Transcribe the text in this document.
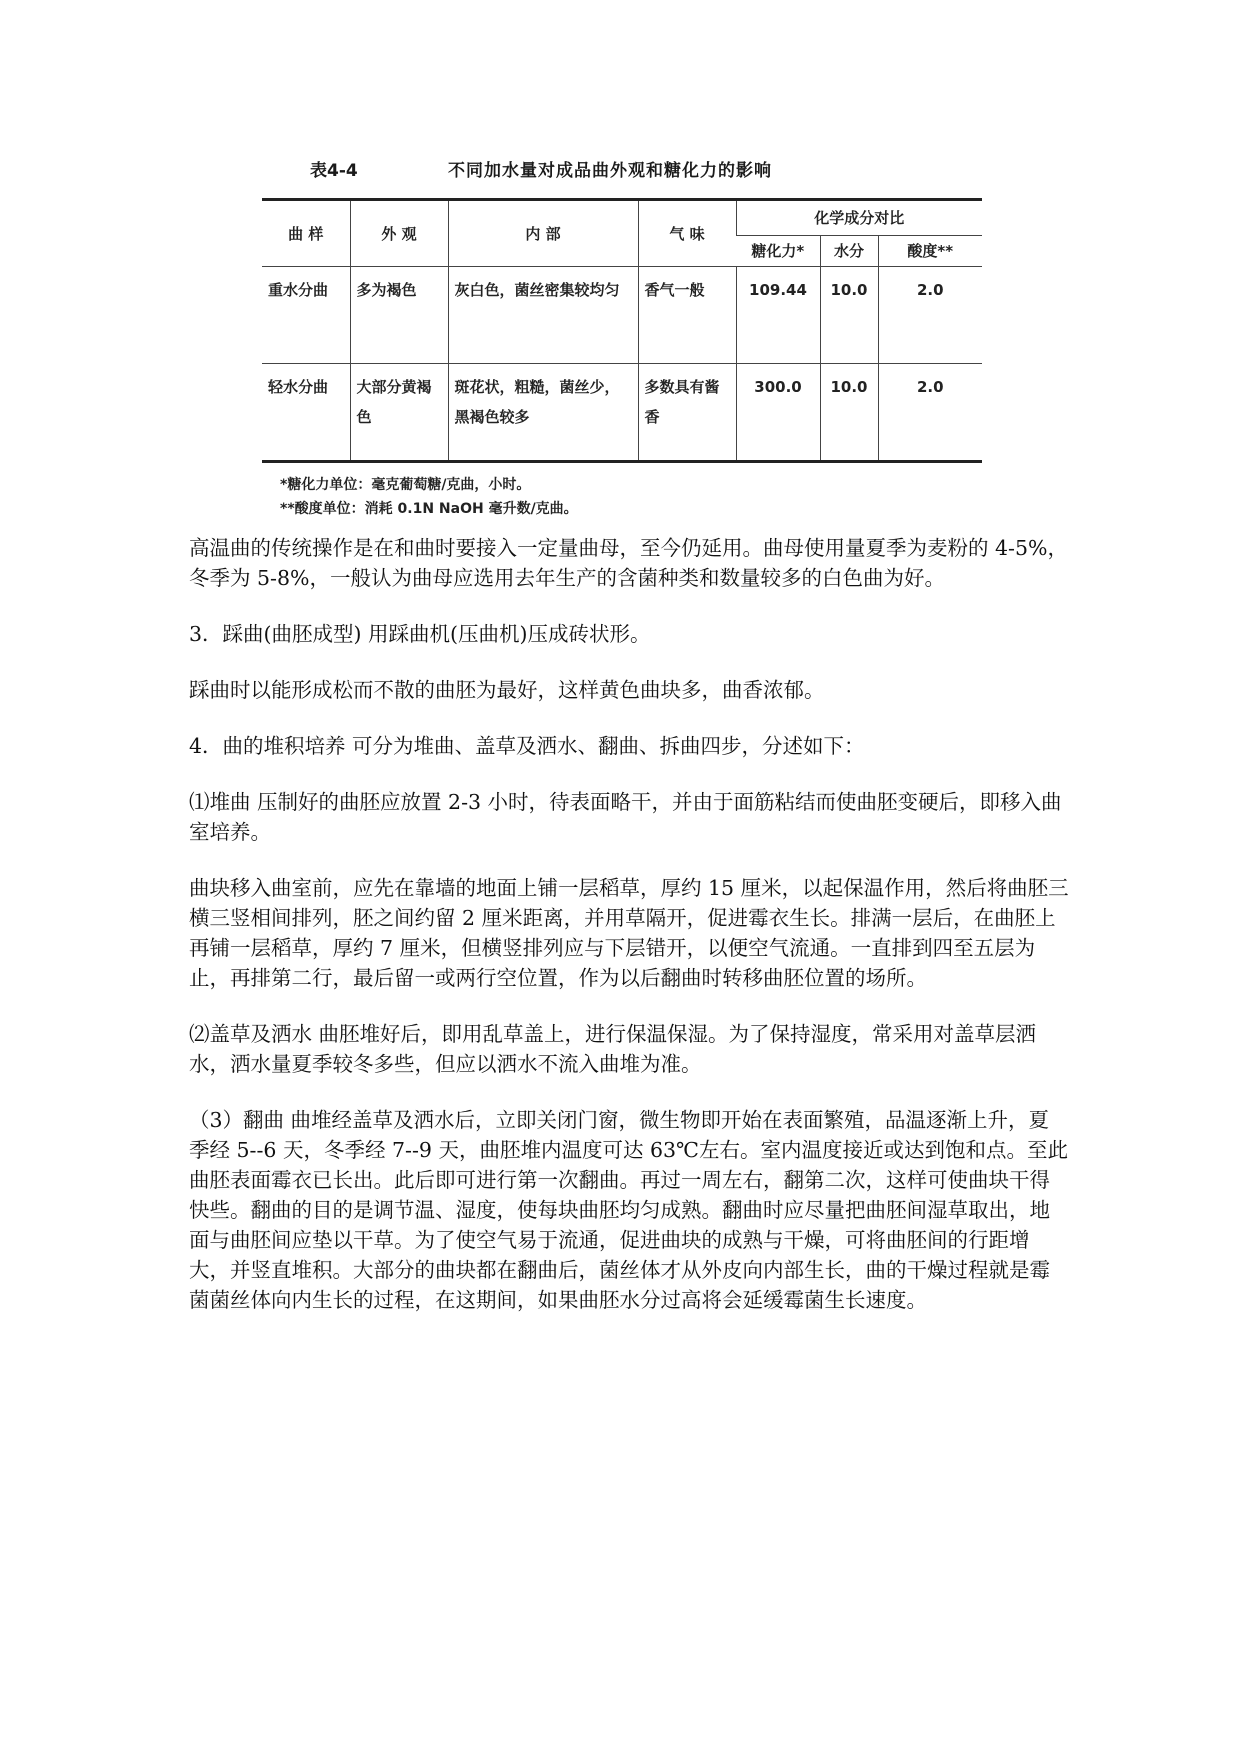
表4-4	不同加水量对成品曲外观和糖化力的影响
曲 样	外 观	内 部	气 味	化学成分对比		
				糖化力*	水分	酸度**
重水分曲	多为褐色	灰白色，菌丝密集较均匀	香气一般	109.44	10.0	2.0
轻水分曲	大部分黄褐色	斑花状，粗糙，菌丝少，黑褐色较多	多数具有酱香	300.0	10.0	2.0
*糖化力单位：毫克葡萄糖/克曲，小时。
**酸度单位：消耗 0.1N NaOH 毫升数/克曲。

高温曲的传统操作是在和曲时要接入一定量曲母，至今仍延用。曲母使用量夏季为麦粉的 4-5%，冬季为 5-8%，一般认为曲母应选用去年生产的含菌种类和数量较多的白色曲为好。

3．踩曲(曲胚成型) 用踩曲机(压曲机)压成砖状形。

踩曲时以能形成松而不散的曲胚为最好，这样黄色曲块多，曲香浓郁。

4．曲的堆积培养 可分为堆曲、盖草及洒水、翻曲、拆曲四步，分述如下：

⑴堆曲 压制好的曲胚应放置 2-3 小时，待表面略干，并由于面筋粘结而使曲胚变硬后，即移入曲室培养。

曲块移入曲室前，应先在靠墙的地面上铺一层稻草，厚约 15 厘米，以起保温作用，然后将曲胚三横三竖相间排列，胚之间约留 2 厘米距离，并用草隔开，促进霉衣生长。排满一层后，在曲胚上再铺一层稻草，厚约 7 厘米，但横竖排列应与下层错开，以便空气流通。一直排到四至五层为止，再排第二行，最后留一或两行空位置，作为以后翻曲时转移曲胚位置的场所。

⑵盖草及洒水 曲胚堆好后，即用乱草盖上，进行保温保湿。为了保持湿度，常采用对盖草层洒水，洒水量夏季较冬多些，但应以洒水不流入曲堆为准。

（3）翻曲 曲堆经盖草及洒水后，立即关闭门窗，微生物即开始在表面繁殖，品温逐渐上升，夏季经 5--6 天，冬季经 7--9 天，曲胚堆内温度可达 63℃左右。室内温度接近或达到饱和点。至此曲胚表面霉衣已长出。此后即可进行第一次翻曲。再过一周左右，翻第二次，这样可使曲块干得快些。翻曲的目的是调节温、湿度，使每块曲胚均匀成熟。翻曲时应尽量把曲胚间湿草取出，地面与曲胚间应垫以干草。为了使空气易于流通，促进曲块的成熟与干燥，可将曲胚间的行距增大，并竖直堆积。大部分的曲块都在翻曲后，菌丝体才从外皮向内部生长，曲的干燥过程就是霉菌菌丝体向内生长的过程，在这期间，如果曲胚水分过高将会延缓霉菌生长速度。
